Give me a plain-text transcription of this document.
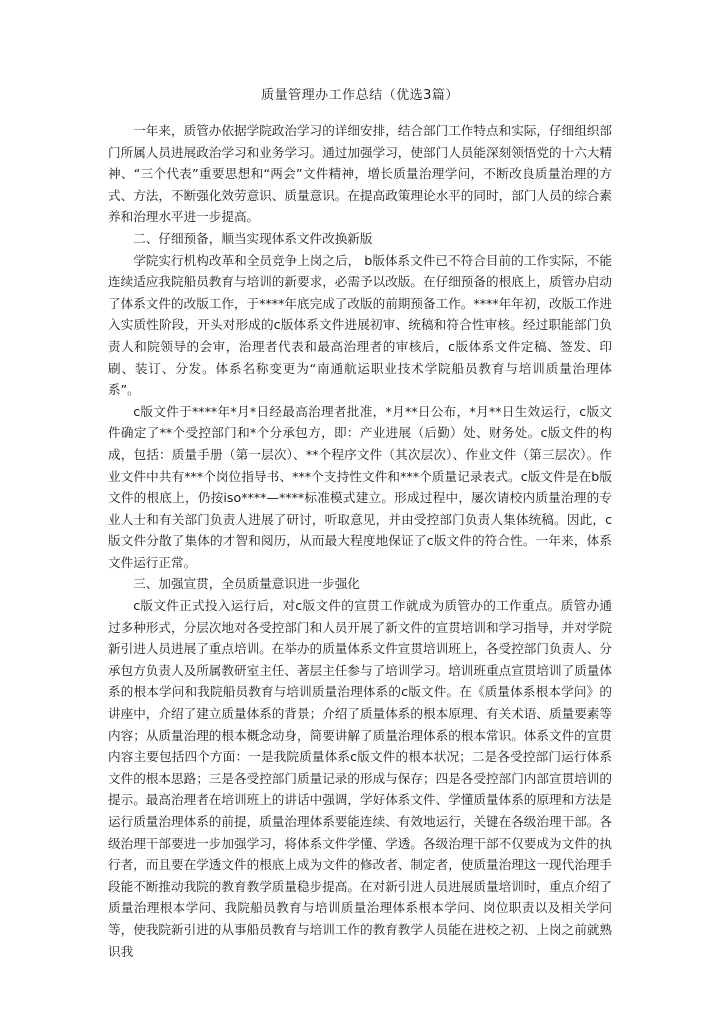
质量管理办工作总结（优选3篇）

一年来，质管办依据学院政治学习的详细安排，结合部门工作特点和实际，仔细组织部门所属人员进展政治学习和业务学习。通过加强学习，使部门人员能深刻领悟党的十六大精神、“三个代表”重要思想和“两会”文件精神，增长质量治理学问，不断改良质量治理的方式、方法，不断强化效劳意识、质量意识。在提高政策理论水平的同时，部门人员的综合素养和治理水平进一步提高。

二、仔细预备，顺当实现体系文件改换新版

学院实行机构改革和全员竞争上岗之后， b版体系文件已不符合目前的工作实际，不能连续适应我院船员教育与培训的新要求，必需予以改版。在仔细预备的根底上，质管办启动了体系文件的改版工作，于****年底完成了改版的前期预备工作。****年年初，改版工作进入实质性阶段，开头对形成的c版体系文件进展初审、统稿和符合性审核。经过职能部门负责人和院领导的会审，治理者代表和最高治理者的审核后，c版体系文件定稿、签发、印刷、装订、分发。体系名称变更为“南通航运职业技术学院船员教育与培训质量治理体系”。

c版文件于****年*月*日经最高治理者批准，*月**日公布，*月**日生效运行，c版文件确定了**个受控部门和*个分承包方，即：产业进展（后勤）处、财务处。c版文件的构成，包括：质量手册（第一层次）、**个程序文件（其次层次）、作业文件（第三层次）。作业文件中共有***个岗位指导书、***个支持性文件和***个质量记录表式。c版文件是在b版文件的根底上，仍按iso****—****标准模式建立。形成过程中，屡次请校内质量治理的专业人士和有关部门负责人进展了研讨，听取意见，并由受控部门负责人集体统稿。因此，c版文件分散了集体的才智和阅历，从而最大程度地保证了c版文件的符合性。一年来，体系文件运行正常。

三、加强宣贯，全员质量意识进一步强化

c版文件正式投入运行后，对c版文件的宣贯工作就成为质管办的工作重点。质管办通过多种形式，分层次地对各受控部门和人员开展了新文件的宣贯培训和学习指导，并对学院新引进人员进展了重点培训。在举办的质量体系文件宣贯培训班上，各受控部门负责人、分承包方负责人及所属教研室主任、著层主任参与了培训学习。培训班重点宣贯培训了质量体系的根本学问和我院船员教育与培训质量治理体系的c版文件。在《质量体系根本学问》的讲座中，介绍了建立质量体系的背景；介绍了质量体系的根本原理、有关术语、质量要素等内容；从质量治理的根本概念动身，简要讲解了质量治理体系的根本常识。体系文件的宣贯内容主要包括四个方面：一是我院质量体系c版文件的根本状况；二是各受控部门运行体系文件的根本思路；三是各受控部门质量记录的形成与保存；四是各受控部门内部宣贯培训的提示。最高治理者在培训班上的讲话中强调，学好体系文件、学懂质量体系的原理和方法是运行质量治理体系的前提，质量治理体系要能连续、有效地运行，关键在各级治理干部。各级治理干部要进一步加强学习，将体系文件学懂、学透。各级治理干部不仅要成为文件的执行者，而且要在学透文件的根底上成为文件的修改者、制定者，使质量治理这一现代治理手段能不断推动我院的教育教学质量稳步提高。在对新引进人员进展质量培训时，重点介绍了质量治理根本学问、我院船员教育与培训质量治理体系根本学问、岗位职责以及相关学问等，使我院新引进的从事船员教育与培训工作的教育教学人员能在进校之初、上岗之前就熟识我
